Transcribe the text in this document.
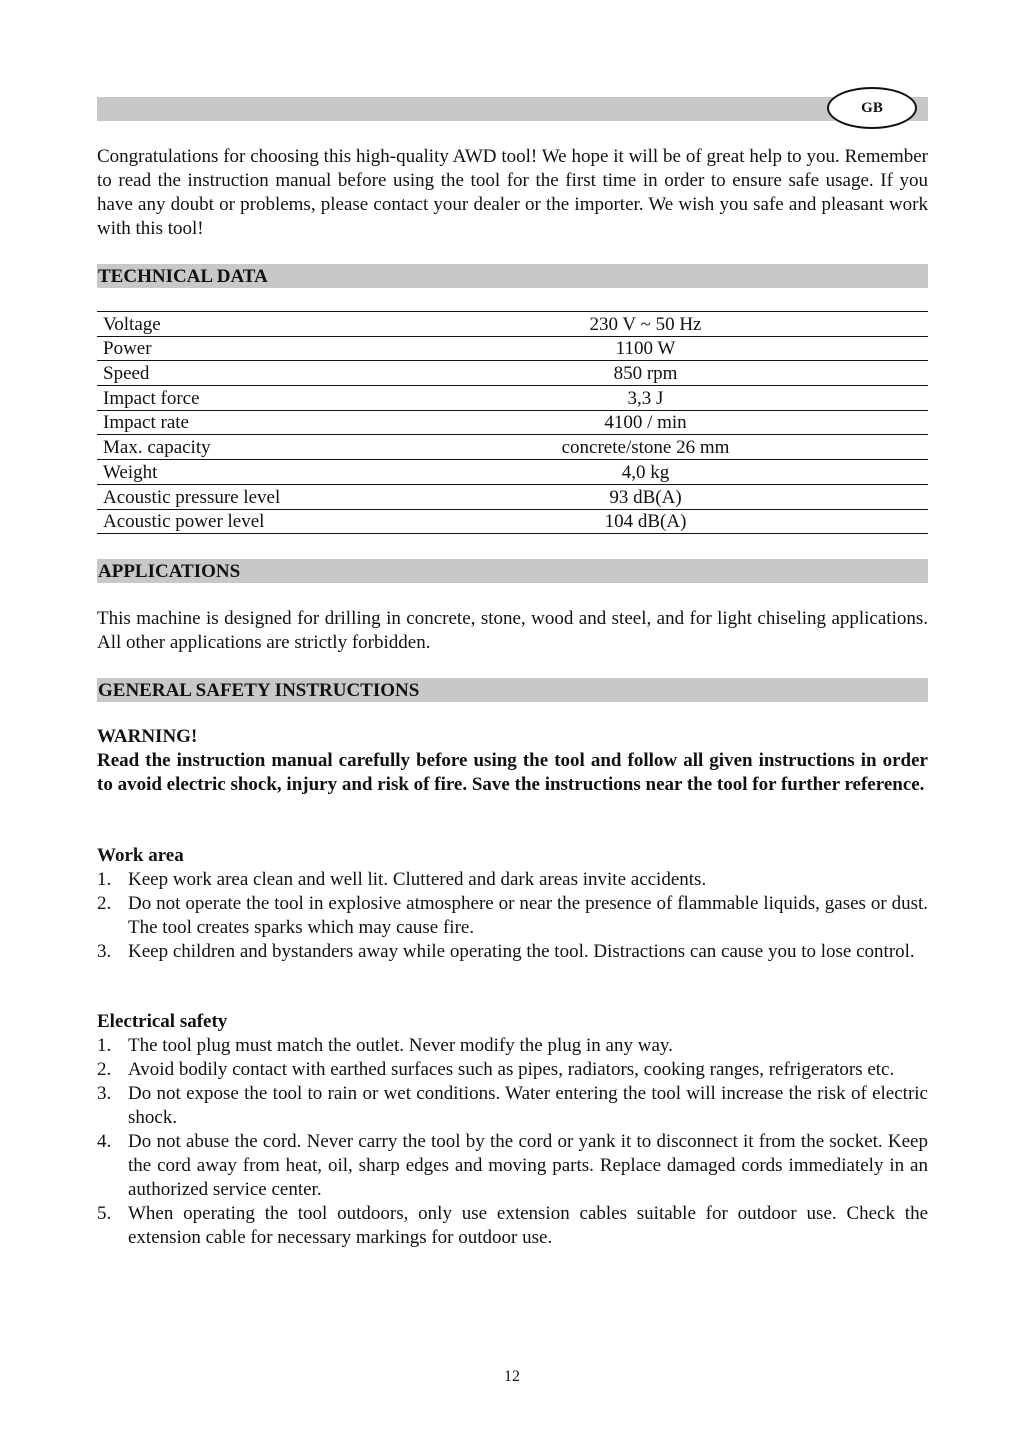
GB

Congratulations for choosing this high-quality AWD tool! We hope it will be of great help to you. Remember to read the instruction manual before using the tool for the first time in order to ensure safe usage. If you have any doubt or problems, please contact your dealer or the importer. We wish you safe and pleasant work with this tool!

TECHNICAL DATA
Voltage	230 V ~ 50 Hz
Power	1100 W
Speed	850 rpm
Impact force	3,3 J
Impact rate	4100 / min
Max. capacity	concrete/stone 26 mm
Weight	4,0 kg
Acoustic pressure level	93 dB(A)
Acoustic power level	104 dB(A)
APPLICATIONS

This machine is designed for drilling in concrete, stone, wood and steel, and for light chiseling applications. All other applications are strictly forbidden.

GENERAL SAFETY INSTRUCTIONS
WARNING!

Read the instruction manual carefully before using the tool and follow all given instructions in order to avoid electric shock, injury and risk of fire. Save the instructions near the tool for further reference.

Work area
1. Keep work area clean and well lit. Cluttered and dark areas invite accidents.
2. Do not operate the tool in explosive atmosphere or near the presence of flammable liquids, gases or dust. The tool creates sparks which may cause fire.
3. Keep children and bystanders away while operating the tool. Distractions can cause you to lose control.
Electrical safety
1. The tool plug must match the outlet. Never modify the plug in any way.
2. Avoid bodily contact with earthed surfaces such as pipes, radiators, cooking ranges, refrigerators etc.
3. Do not expose the tool to rain or wet conditions. Water entering the tool will increase the risk of electric shock.
4. Do not abuse the cord. Never carry the tool by the cord or yank it to disconnect it from the socket. Keep the cord away from heat, oil, sharp edges and moving parts. Replace damaged cords immediately in an authorized service center.
5. When operating the tool outdoors, only use extension cables suitable for outdoor use. Check the extension cable for necessary markings for outdoor use.
12
